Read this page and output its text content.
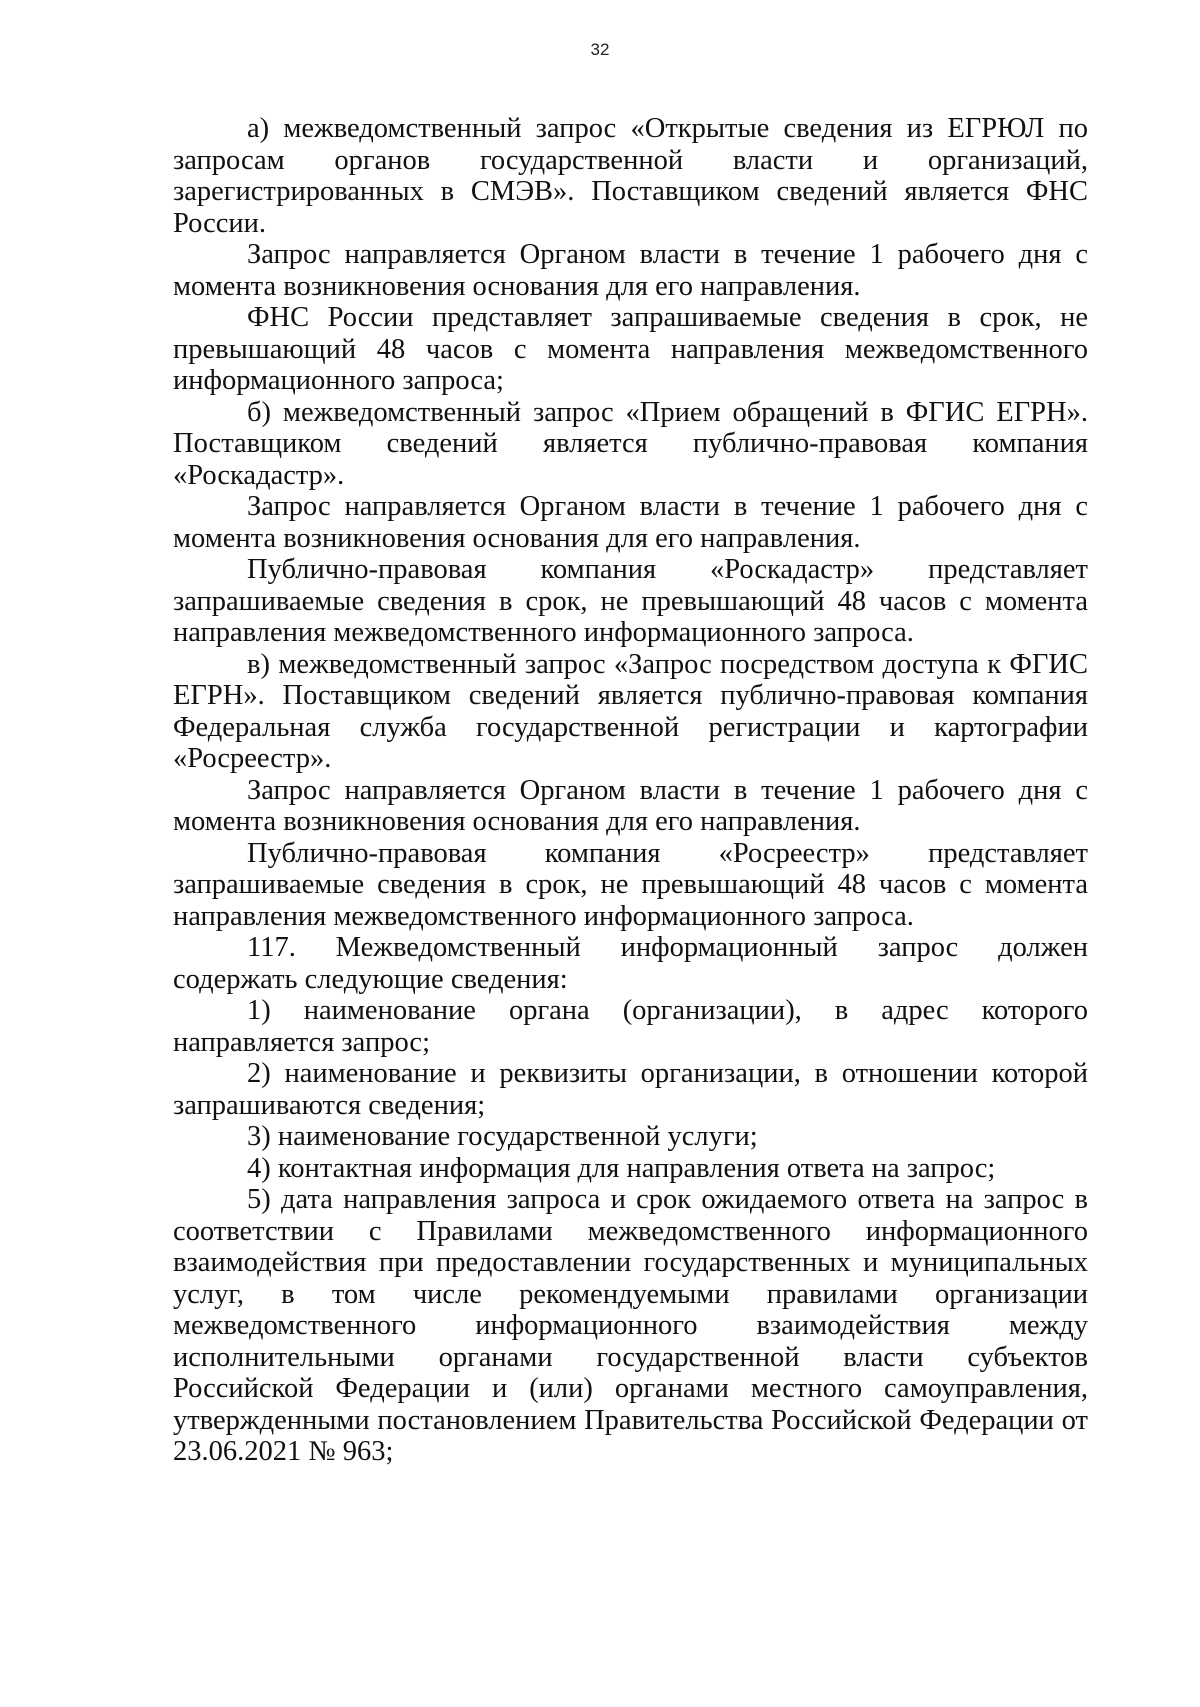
32

а) межведомственный запрос «Открытые сведения из ЕГРЮЛ по запросам органов государственной власти и организаций, зарегистрированных в СМЭВ». Поставщиком сведений является ФНС России.

Запрос направляется Органом власти в течение 1 рабочего дня с момента возникновения основания для его направления.

ФНС России представляет запрашиваемые сведения в срок, не превышающий 48 часов с момента направления межведомственного информационного запроса;

б) межведомственный запрос «Прием обращений в ФГИС ЕГРН». Поставщиком сведений является публично-правовая компания «Роскадастр».

Запрос направляется Органом власти в течение 1 рабочего дня с момента возникновения основания для его направления.

Публично-правовая компания «Роскадастр» представляет запрашиваемые сведения в срок, не превышающий 48 часов с момента направления межведомственного информационного запроса.

в) межведомственный запрос «Запрос посредством доступа к ФГИС ЕГРН». Поставщиком сведений является публично-правовая компания Федеральная служба государственной регистрации и картографии «Росреестр».

Запрос направляется Органом власти в течение 1 рабочего дня с момента возникновения основания для его направления.

Публично-правовая компания «Росреестр» представляет запрашиваемые сведения в срок, не превышающий 48 часов с момента направления межведомственного информационного запроса.

117. Межведомственный информационный запрос должен содержать следующие сведения:

1) наименование органа (организации), в адрес которого направляется запрос;

2) наименование и реквизиты организации, в отношении которой запрашиваются сведения;

3) наименование государственной услуги;

4) контактная информация для направления ответа на запрос;

5) дата направления запроса и срок ожидаемого ответа на запрос в соответствии с Правилами межведомственного информационного взаимодействия при предоставлении государственных и муниципальных услуг, в том числе рекомендуемыми правилами организации межведомственного информационного взаимодействия между исполнительными органами государственной власти субъектов Российской Федерации и (или) органами местного самоуправления, утвержденными постановлением Правительства Российской Федерации от 23.06.2021 № 963;
